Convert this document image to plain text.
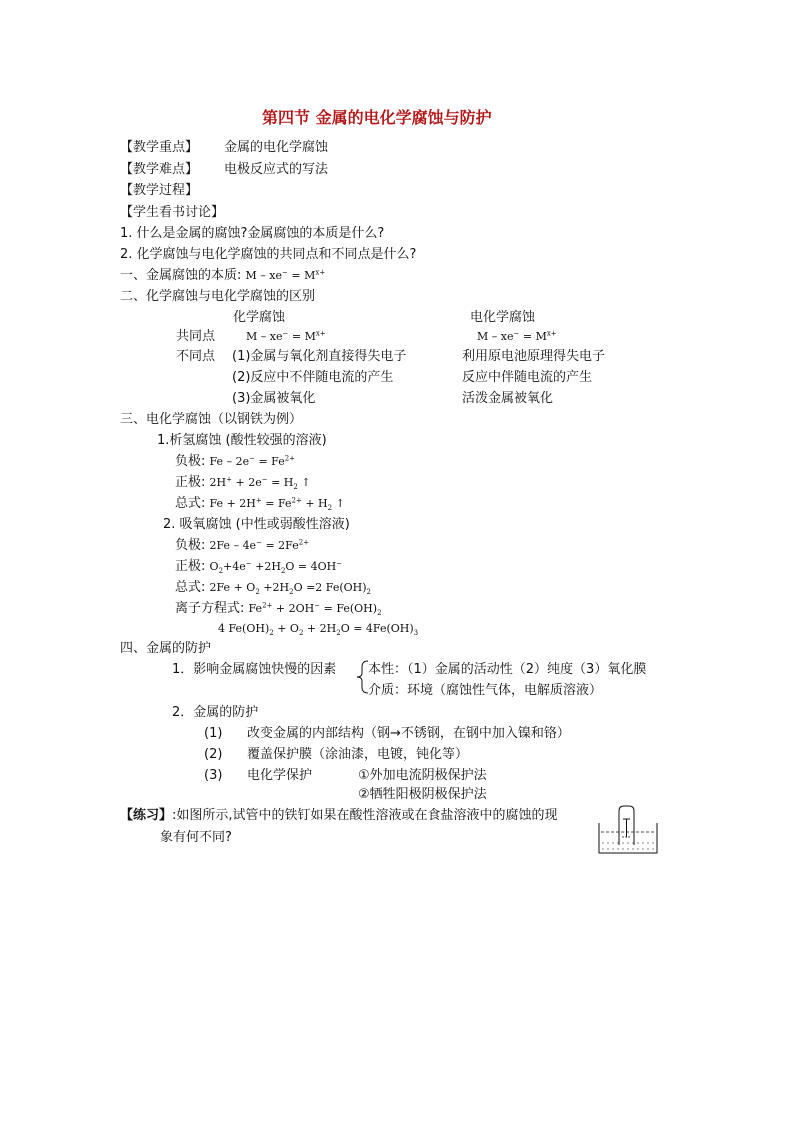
第四节 金属的电化学腐蚀与防护
【教学重点】 金属的电化学腐蚀
【教学难点】 电极反应式的写法
【教学过程】
【学生看书讨论】
1. 什么是金属的腐蚀?金属腐蚀的本质是什么?
2. 化学腐蚀与电化学腐蚀的共同点和不同点是什么?
一、金属腐蚀的本质: $M - xe^- = M^{x+}$
二、化学腐蚀与电化学腐蚀的区别
化学腐蚀	电化学腐蚀
共同点	$M - xe^- = M^{x+}$	$M - xe^- = M^{x+}$
不同点 (1)金属与氧化剂直接得失电子	利用原电池原理得失电子
(2)反应中不伴随电流的产生	反应中伴随电流的产生
(3)金属被氧化	活泼金属被氧化
三、电化学腐蚀（以钢铁为例）
1.析氢腐蚀 (酸性较强的溶液)
负极: $Fe - 2e^- = Fe^{2+}$
正极: $2H^+ + 2e^- = H_2$ ↑
总式: $Fe + 2H^+ = Fe^{2+} + H_2$ ↑
2. 吸氧腐蚀 (中性或弱酸性溶液)
负极: $2Fe - 4e^- = 2Fe^{2+}$
正极: $O_2+4e^- +2H_2O = 4OH^-$
总式: $2Fe + O_2 +2H_2O =2$ $Fe(OH)_2$
离子方程式: $Fe^{2+} + 2OH^- = Fe(OH)_2$
4 $Fe(OH)_2 + O_2 + 2H_2O = 4Fe(OH)_3$
四、金属的防护
1．影响金属腐蚀快慢的因素 本性：（1）金属的活动性（2）纯度（3）氧化膜
介质：环境（腐蚀性气体，电解质溶液）
2．金属的防护
(1) 改变金属的内部结构（钢→不锈钢，在钢中加入镍和铬）
(2) 覆盖保护膜（涂油漆，电镀，钝化等）
(3) 电化学保护	①外加电流阴极保护法
②牺牲阳极阴极保护法
【练习】:如图所示,试管中的铁钉如果在酸性溶液或在食盐溶液中的腐蚀的现
象有何不同?
